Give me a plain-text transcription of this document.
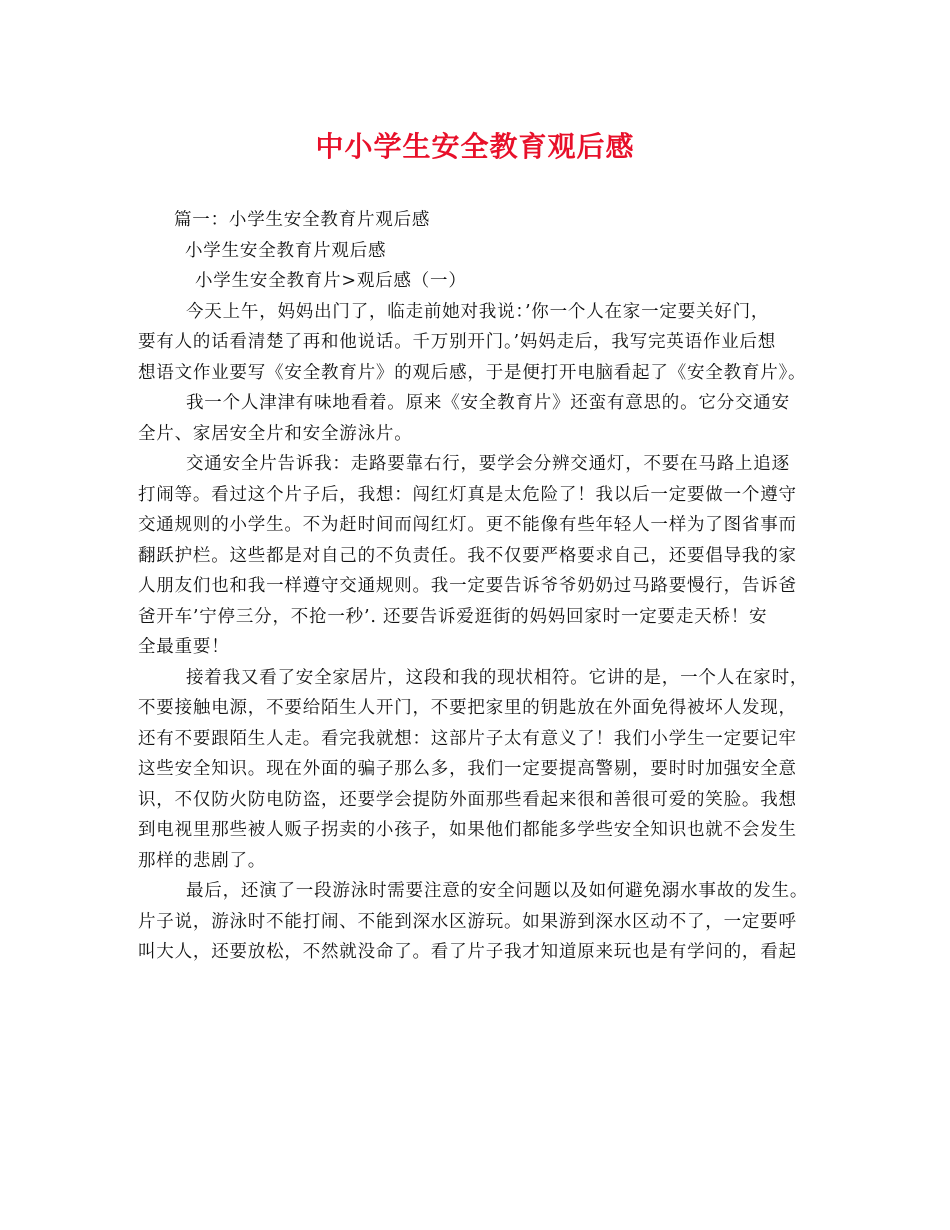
中小学生安全教育观后感
篇一：小学生安全教育片观后感
小学生安全教育片观后感
小学生安全教育片>观后感（一）
今天上午，妈妈出门了，临走前她对我说：’你一个人在家一定要关好门，
要有人的话看清楚了再和他说话。千万别开门。’妈妈走后，我写完英语作业后想
想语文作业要写《安全教育片》的观后感，于是便打开电脑看起了《安全教育片》。
我一个人津津有味地看着。原来《安全教育片》还蛮有意思的。它分交通安
全片、家居安全片和安全游泳片。
交通安全片告诉我：走路要靠右行，要学会分辨交通灯，不要在马路上追逐
打闹等。看过这个片子后，我想：闯红灯真是太危险了！我以后一定要做一个遵守
交通规则的小学生。不为赶时间而闯红灯。更不能像有些年轻人一样为了图省事而
翻跃护栏。这些都是对自己的不负责任。我不仅要严格要求自己，还要倡导我的家
人朋友们也和我一样遵守交通规则。我一定要告诉爷爷奶奶过马路要慢行，告诉爸
爸开车’宁停三分，不抢一秒’. 还要告诉爱逛街的妈妈回家时一定要走天桥！安
全最重要！
接着我又看了安全家居片，这段和我的现状相符。它讲的是，一个人在家时，
不要接触电源，不要给陌生人开门，不要把家里的钥匙放在外面免得被坏人发现，
还有不要跟陌生人走。看完我就想：这部片子太有意义了！我们小学生一定要记牢
这些安全知识。现在外面的骗子那么多，我们一定要提高警剔，要时时加强安全意
识，不仅防火防电防盗，还要学会提防外面那些看起来很和善很可爱的笑脸。我想
到电视里那些被人贩子拐卖的小孩子，如果他们都能多学些安全知识也就不会发生
那样的悲剧了。
最后，还演了一段游泳时需要注意的安全问题以及如何避免溺水事故的发生。
片子说，游泳时不能打闹、不能到深水区游玩。如果游到深水区动不了，一定要呼
叫大人，还要放松，不然就没命了。看了片子我才知道原来玩也是有学问的，看起
